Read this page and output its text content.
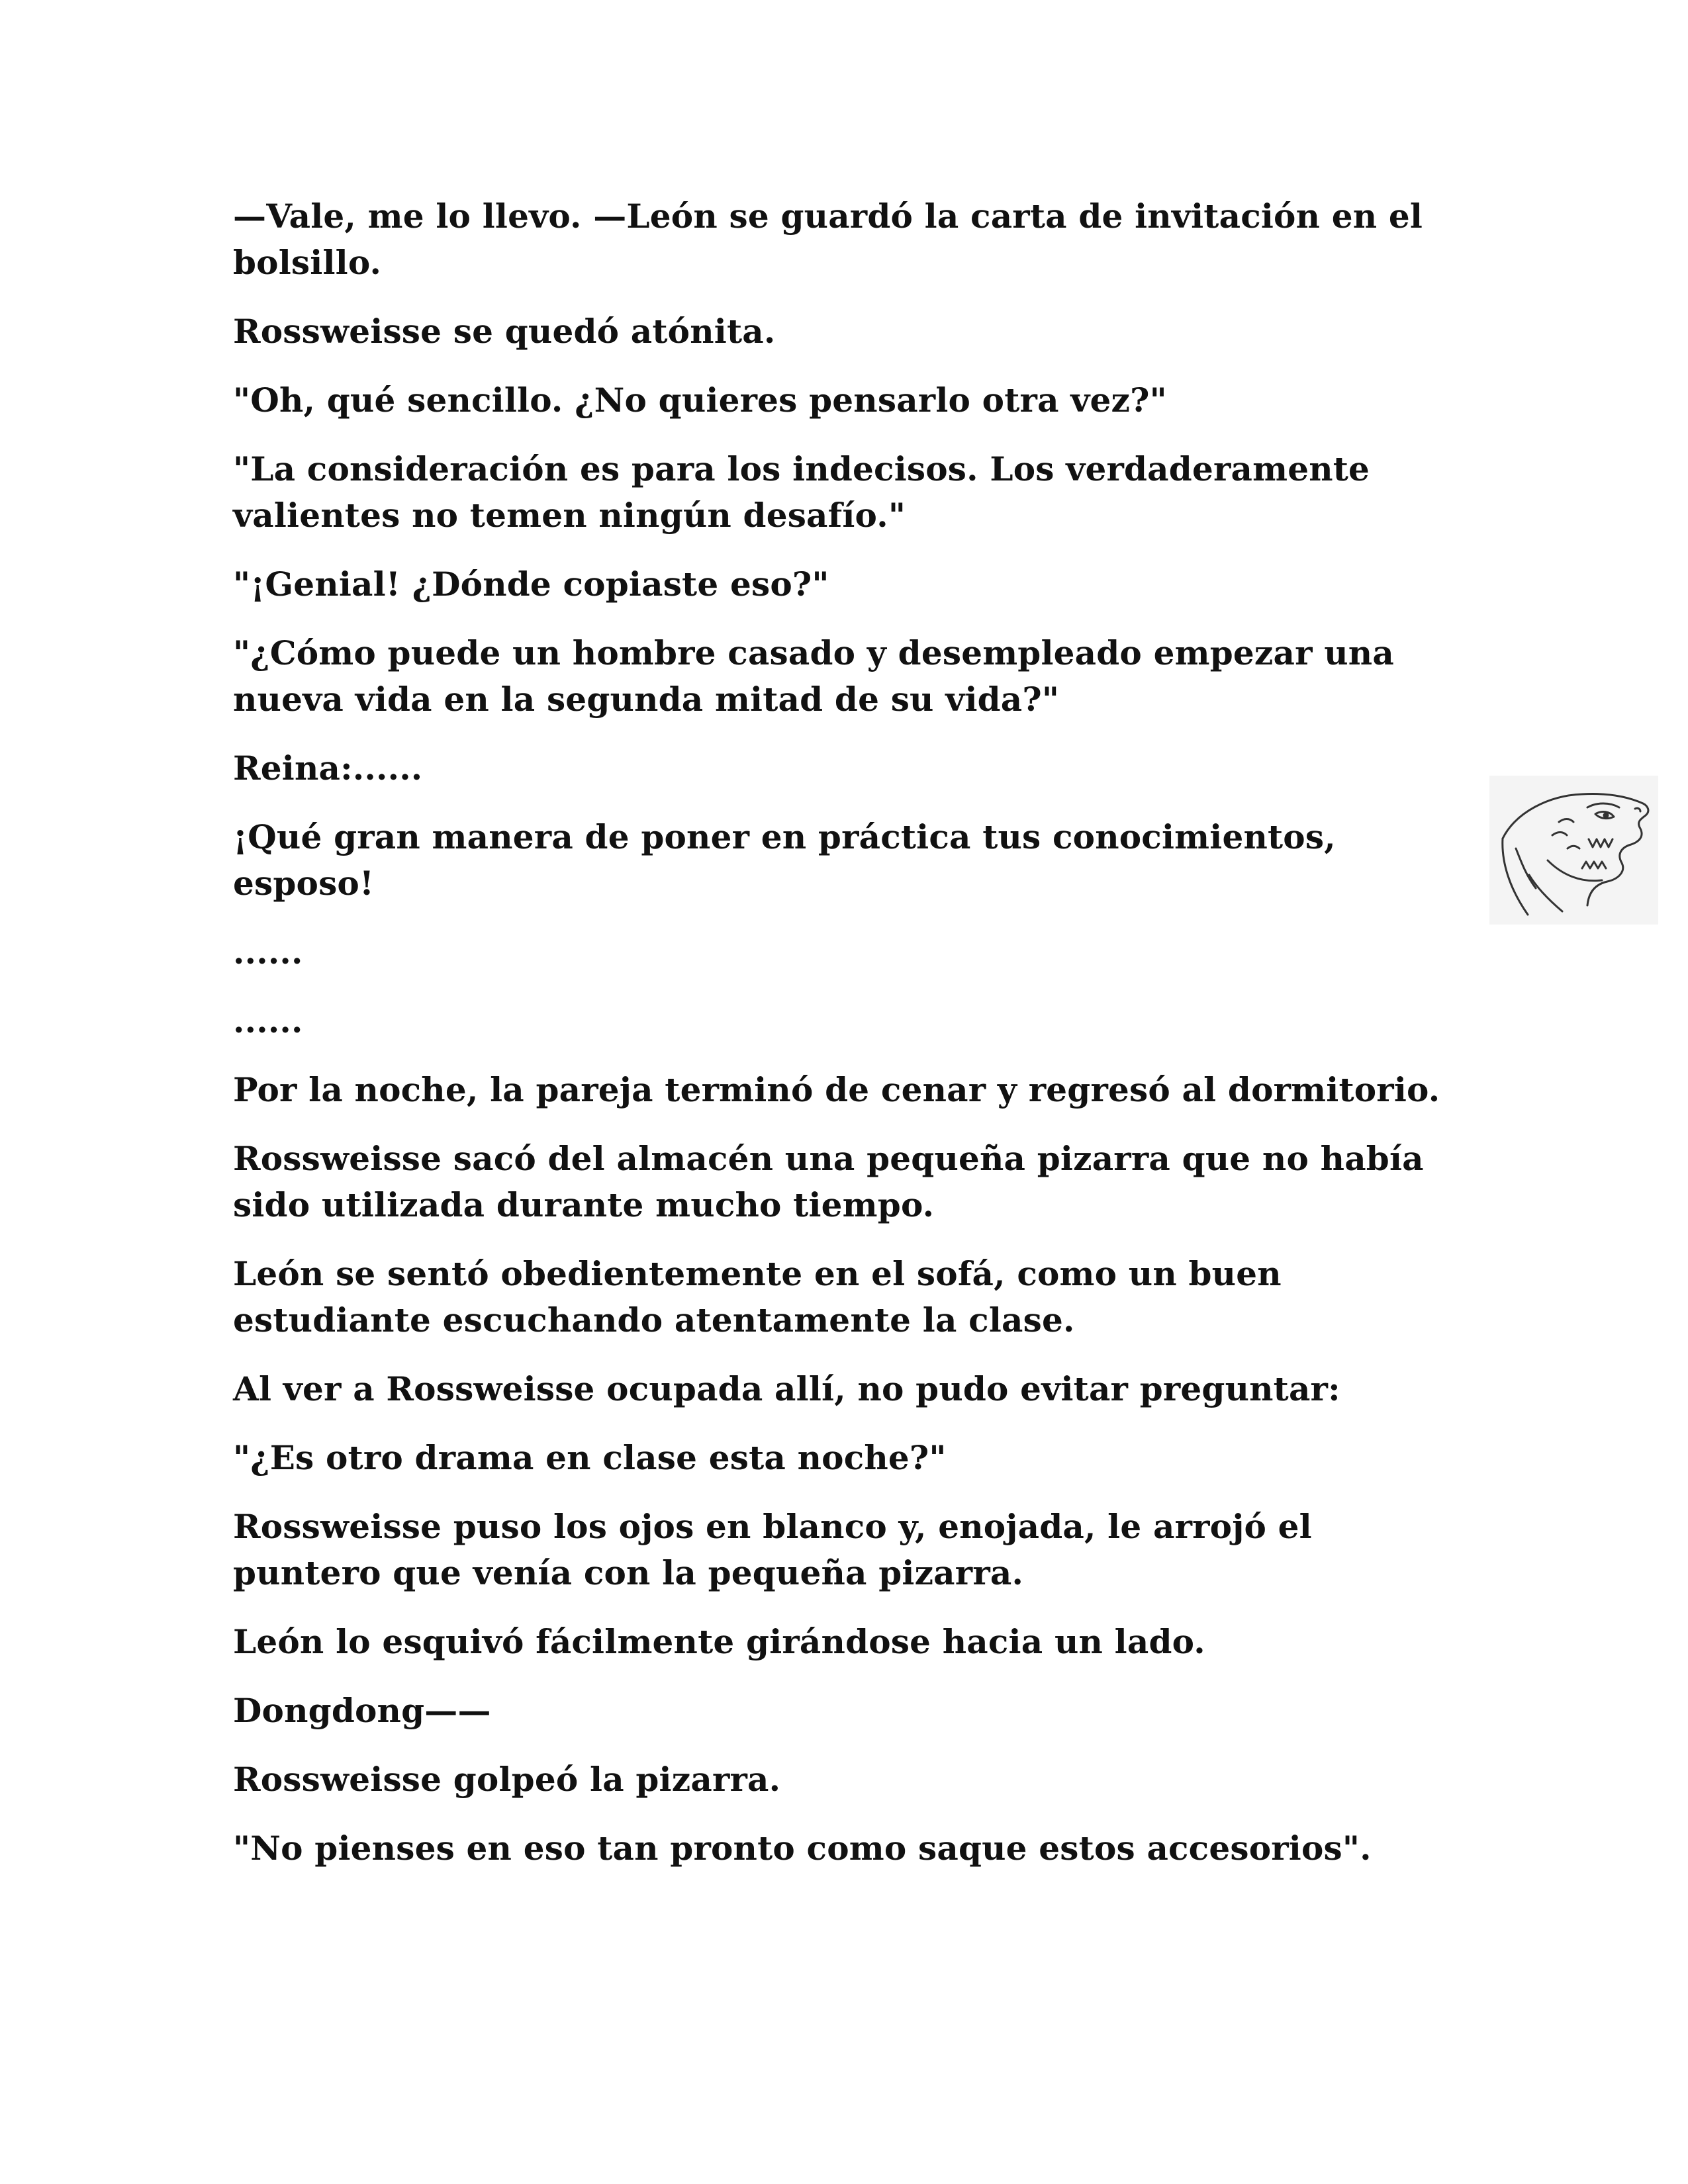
—Vale, me lo llevo. —León se guardó la carta de invitación en el bolsillo.

Rossweisse se quedó atónita.

"Oh, qué sencillo. ¿No quieres pensarlo otra vez?"

"La consideración es para los indecisos. Los verdaderamente valientes no temen ningún desafío."

"¡Genial! ¿Dónde copiaste eso?"

"¿Cómo puede un hombre casado y desempleado empezar una nueva vida en la segunda mitad de su vida?"

Reina:......

¡Qué gran manera de poner en práctica tus conocimientos, esposo!

......

......

Por la noche, la pareja terminó de cenar y regresó al dormitorio.

Rossweisse sacó del almacén una pequeña pizarra que no había sido utilizada durante mucho tiempo.

León se sentó obedientemente en el sofá, como un buen estudiante escuchando atentamente la clase.

Al ver a Rossweisse ocupada allí, no pudo evitar preguntar:

"¿Es otro drama en clase esta noche?"

Rossweisse puso los ojos en blanco y, enojada, le arrojó el puntero que venía con la pequeña pizarra.

León lo esquivó fácilmente girándose hacia un lado.

Dongdong——

Rossweisse golpeó la pizarra.

"No pienses en eso tan pronto como saque estos accesorios".
